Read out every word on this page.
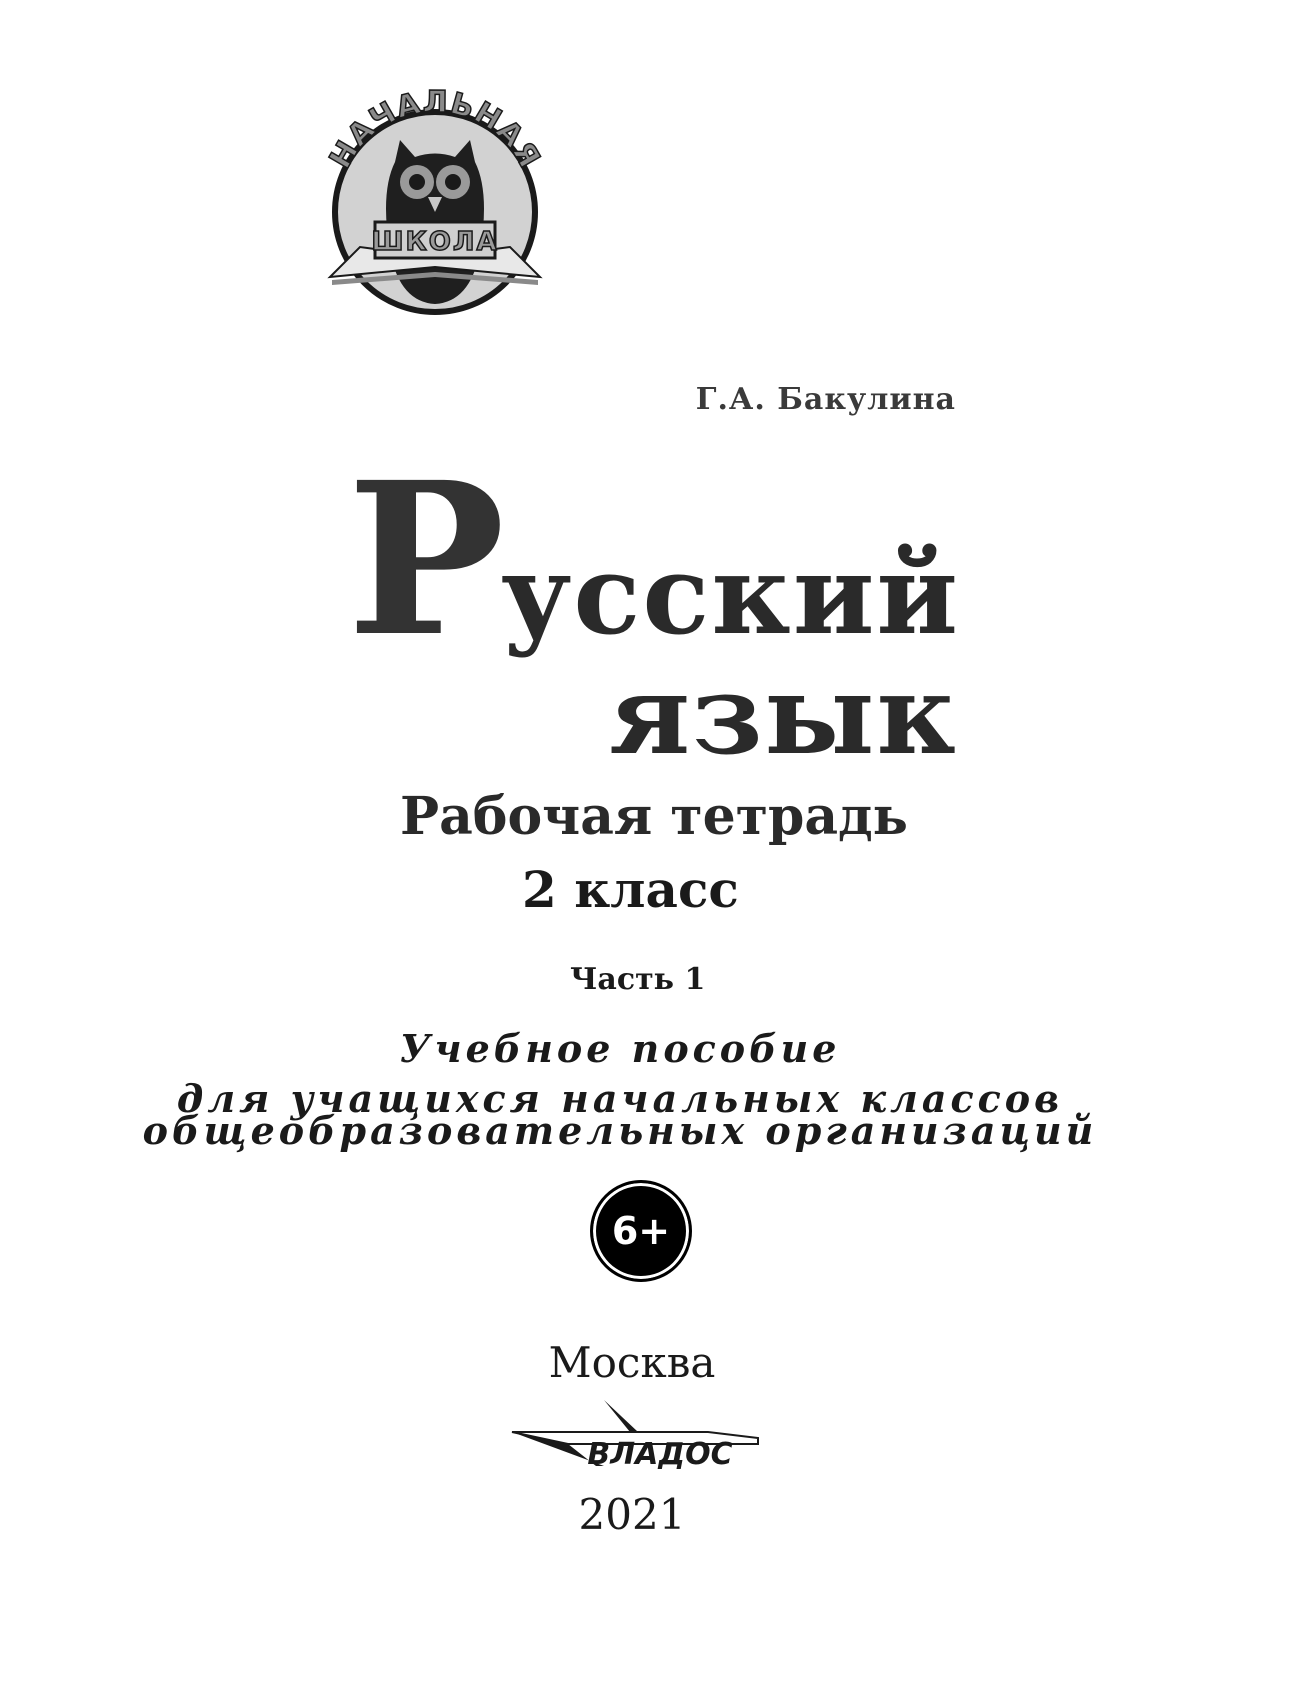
НАЧАЛЬНАЯ
ШКОЛА
Г.А. Бакулина
Русский
язык
Рабочая тетрадь
2 класс
Часть 1
Учебное пособие
для учащихся начальных классов
общеобразовательных организаций
6+
Москва
ВЛАДОС
2021
